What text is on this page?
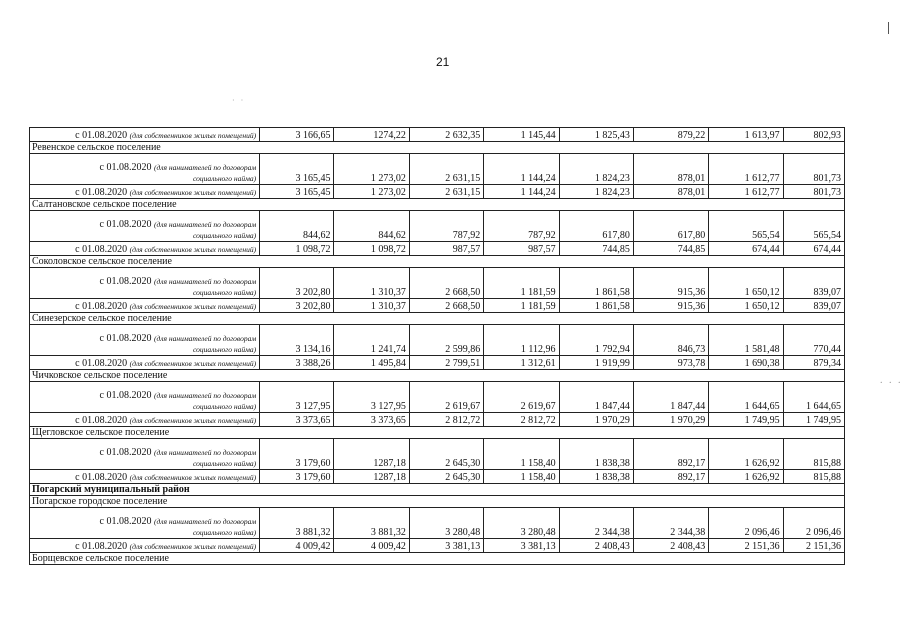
21
· ·
. . .
с 01.08.2020 (для собственников жилых помещений)	3 166,65	1274,22	2 632,35	1 145,44	1 825,43	879,22	1 613,97	802,93
Ревенское сельское поселение								

с 01.08.2020 (для нанимателей по договорам
социального найма)	3 165,45	1 273,02	2 631,15	1 144,24	1 824,23	878,01	1 612,77	801,73
с 01.08.2020 (для собственников жилых помещений)	3 165,45	1 273,02	2 631,15	1 144,24	1 824,23	878,01	1 612,77	801,73
Салтановское сельское поселение								

с 01.08.2020 (для нанимателей по договорам
социального найма)	844,62	844,62	787,92	787,92	617,80	617,80	565,54	565,54
с 01.08.2020 (для собственников жилых помещений)	1 098,72	1 098,72	987,57	987,57	744,85	744,85	674,44	674,44
Соколовское сельское поселение								

с 01.08.2020 (для нанимателей по договорам
социального найма)	3 202,80	1 310,37	2 668,50	1 181,59	1 861,58	915,36	1 650,12	839,07
с 01.08.2020 (для собственников жилых помещений)	3 202,80	1 310,37	2 668,50	1 181,59	1 861,58	915,36	1 650,12	839,07
Синезерское сельское поселение								

с 01.08.2020 (для нанимателей по договорам
социального найма)	3 134,16	1 241,74	2 599,86	1 112,96	1 792,94	846,73	1 581,48	770,44
с 01.08.2020 (для собственников жилых помещений)	3 388,26	1 495,84	2 799,51	1 312,61	1 919,99	973,78	1 690,38	879,34
Чичковское сельское поселение								

с 01.08.2020 (для нанимателей по договорам
социального найма)	3 127,95	3 127,95	2 619,67	2 619,67	1 847,44	1 847,44	1 644,65	1 644,65
с 01.08.2020 (для собственников жилых помещений)	3 373,65	3 373,65	2 812,72	2 812,72	1 970,29	1 970,29	1 749,95	1 749,95
Щегловское сельское поселение								

с 01.08.2020 (для нанимателей по договорам
социального найма)	3 179,60	1287,18	2 645,30	1 158,40	1 838,38	892,17	1 626,92	815,88
с 01.08.2020 (для собственников жилых помещений)	3 179,60	1287,18	2 645,30	1 158,40	1 838,38	892,17	1 626,92	815,88
Погарский муниципальный район								
Погарское городское поселение								

с 01.08.2020 (для нанимателей по договорам
социального найма)	3 881,32	3 881,32	3 280,48	3 280,48	2 344,38	2 344,38	2 096,46	2 096,46
с 01.08.2020 (для собственников жилых помещений)	4 009,42	4 009,42	3 381,13	3 381,13	2 408,43	2 408,43	2 151,36	2 151,36
Борщевское сельское поселение								
